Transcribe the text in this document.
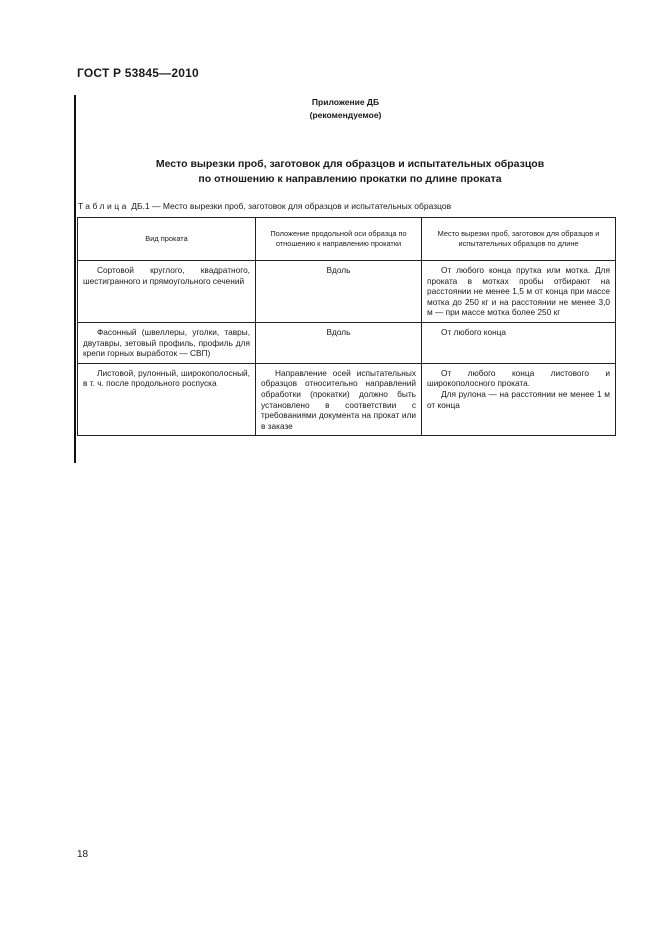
ГОСТ Р 53845—2010
Приложение ДБ
(рекомендуемое)
Место вырезки проб, заготовок для образцов и испытательных образцов
по отношению к направлению прокатки по длине проката
Таблица ДБ.1 — Место вырезки проб, заготовок для образцов и испытательных образцов
Вид проката	Положение продольной оси образца по отношению к направлению прокатки	Место вырезки проб, заготовок для образцов и испытательных образцов по длине
Сортовой круглого, квадратного, шестигранного и прямоугольного сечений	Вдоль	От любого конца прутка или мотка. Для проката в мотках пробы отбирают на расстоянии не менее 1,5 м от конца при массе мотка до 250 кг и на расстоянии не менее 3,0 м — при массе мотка более 250 кг

Фасонный (швеллеры, уголки, тавры, двутавры, зетовый профиль, профиль для крепи горных выработок — СВП)	Вдоль	От любого конца

Листовой, рулонный, широкополосный, в т. ч. после продольного роспуска	Направление осей испытательных образцов относительно направлений обработки (прокатки) должно быть установлено в соответствии с требованиями документа на прокат или в заказе	От любого конца листового и широкополосного проката.
Для рулона — на расстоянии не менее 1 м от конца
18
